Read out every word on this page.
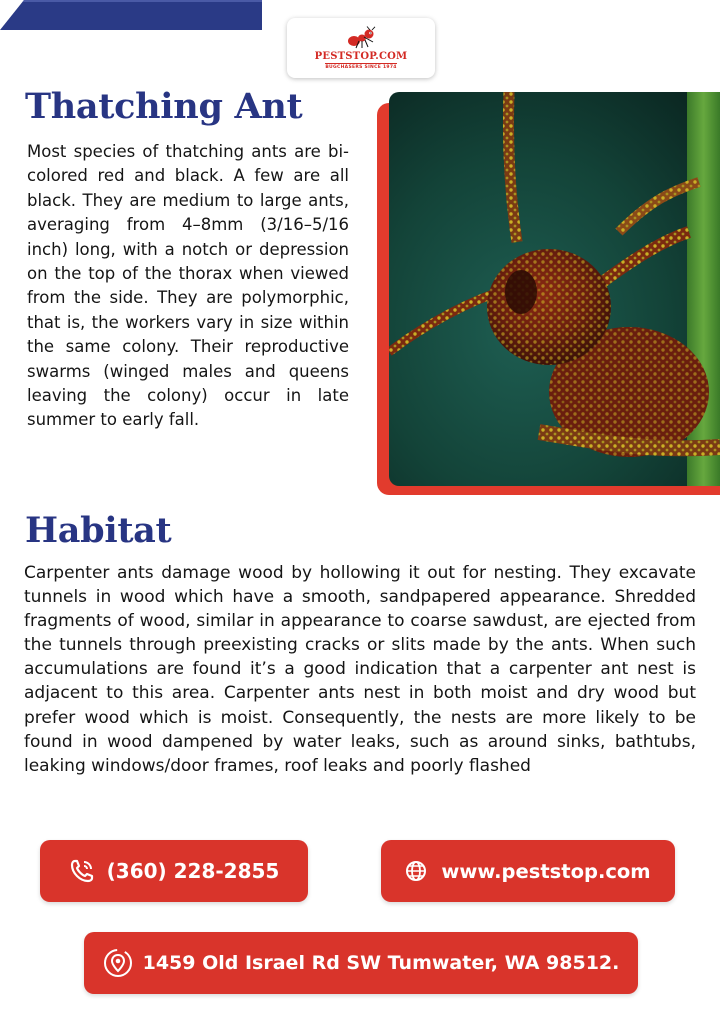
PESTSTOP.COM
BUGCHASERS SINCE 1974
Thatching Ant

Most species of thatching ants are bi-colored red and black. A few are all black. They are medium to large ants, averaging from 4–8mm (3/16–5/16 inch) long, with a notch or depression on the top of the thorax when viewed from the side. They are polymorphic, that is, the workers vary in size within the same colony. Their reproductive swarms (winged males and queens leaving the colony) occur in late summer to early fall.

Habitat

Carpenter ants damage wood by hollowing it out for nesting. They excavate tunnels in wood which have a smooth, sandpapered appearance. Shredded fragments of wood, similar in appearance to coarse sawdust, are ejected from the tunnels through preexisting cracks or slits made by the ants. When such accumulations are found it’s a good indication that a carpenter ant nest is adjacent to this area. Carpenter ants nest in both moist and dry wood but prefer wood which is moist. Consequently, the nests are more likely to be found in wood dampened by water leaks, such as around sinks, bathtubs, leaking windows/door frames, roof leaks and poorly flashed

(360) 228-2855	www.peststop.com
1459 Old Israel Rd SW Tumwater, WA 98512.
